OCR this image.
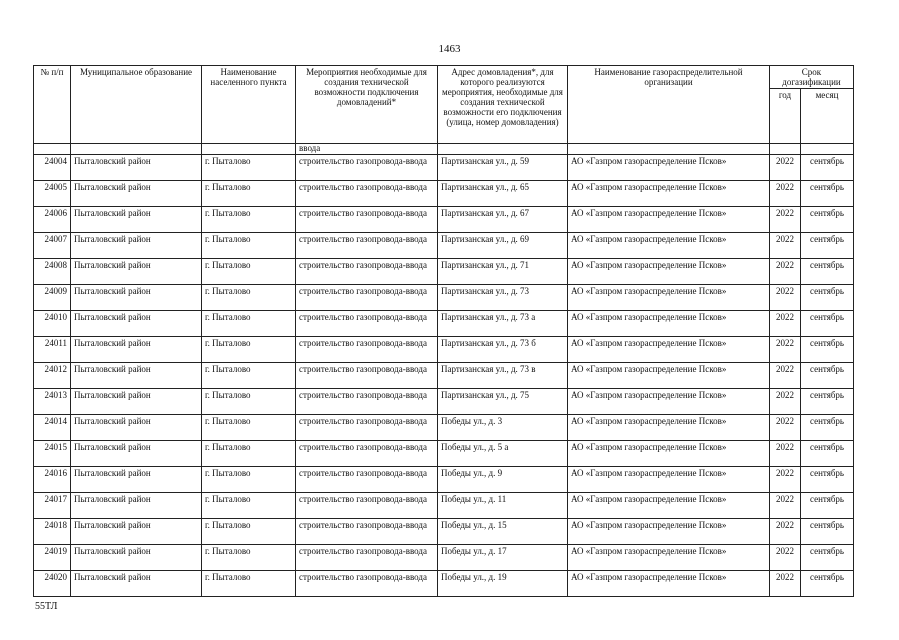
1463
№ п/п	Муниципальное образование	Наименование населенного пункта	Мероприятия необходимые для создания технической возможности подключения домовладений*	Адрес домовладения*, для которого реализуются мероприятия, необходимые для создания технической возможности его подключения (улица, номер домовладения)	Наименование газораспределительной организации	Срок догазификации	
						год	месяц
			ввода				
24004	Пыталовский район	г. Пыталово	строительство газопровода-ввода	Партизанская ул., д. 59	АО «Газпром газораспределение Псков»	2022	сентябрь
24005	Пыталовский район	г. Пыталово	строительство газопровода-ввода	Партизанская ул., д. 65	АО «Газпром газораспределение Псков»	2022	сентябрь
24006	Пыталовский район	г. Пыталово	строительство газопровода-ввода	Партизанская ул., д. 67	АО «Газпром газораспределение Псков»	2022	сентябрь
24007	Пыталовский район	г. Пыталово	строительство газопровода-ввода	Партизанская ул., д. 69	АО «Газпром газораспределение Псков»	2022	сентябрь
24008	Пыталовский район	г. Пыталово	строительство газопровода-ввода	Партизанская ул., д. 71	АО «Газпром газораспределение Псков»	2022	сентябрь
24009	Пыталовский район	г. Пыталово	строительство газопровода-ввода	Партизанская ул., д. 73	АО «Газпром газораспределение Псков»	2022	сентябрь
24010	Пыталовский район	г. Пыталово	строительство газопровода-ввода	Партизанская ул., д. 73 а	АО «Газпром газораспределение Псков»	2022	сентябрь
24011	Пыталовский район	г. Пыталово	строительство газопровода-ввода	Партизанская ул., д. 73 б	АО «Газпром газораспределение Псков»	2022	сентябрь
24012	Пыталовский район	г. Пыталово	строительство газопровода-ввода	Партизанская ул., д. 73 в	АО «Газпром газораспределение Псков»	2022	сентябрь
24013	Пыталовский район	г. Пыталово	строительство газопровода-ввода	Партизанская ул., д. 75	АО «Газпром газораспределение Псков»	2022	сентябрь
24014	Пыталовский район	г. Пыталово	строительство газопровода-ввода	Победы ул., д. 3	АО «Газпром газораспределение Псков»	2022	сентябрь
24015	Пыталовский район	г. Пыталово	строительство газопровода-ввода	Победы ул., д. 5 а	АО «Газпром газораспределение Псков»	2022	сентябрь
24016	Пыталовский район	г. Пыталово	строительство газопровода-ввода	Победы ул., д. 9	АО «Газпром газораспределение Псков»	2022	сентябрь
24017	Пыталовский район	г. Пыталово	строительство газопровода-ввода	Победы ул., д. 11	АО «Газпром газораспределение Псков»	2022	сентябрь
24018	Пыталовский район	г. Пыталово	строительство газопровода-ввода	Победы ул., д. 15	АО «Газпром газораспределение Псков»	2022	сентябрь
24019	Пыталовский район	г. Пыталово	строительство газопровода-ввода	Победы ул., д. 17	АО «Газпром газораспределение Псков»	2022	сентябрь
24020	Пыталовский район	г. Пыталово	строительство газопровода-ввода	Победы ул., д. 19	АО «Газпром газораспределение Псков»	2022	сентябрь
55ТЛ
